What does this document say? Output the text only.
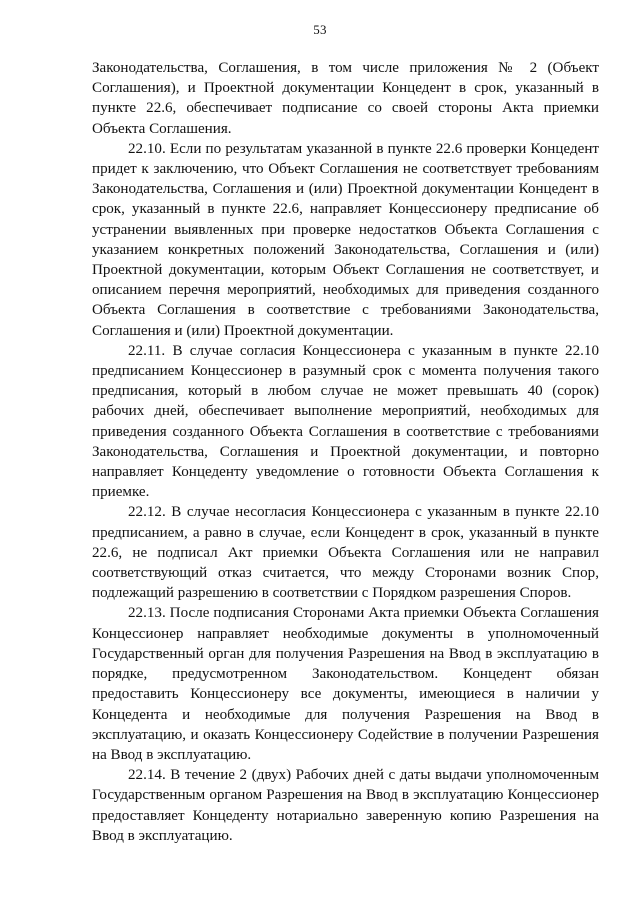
53

Законодательства, Соглашения, в том числе приложения № 2 (Объект Соглашения), и Проектной документации Концедент в срок, указанный в пункте 22.6, обеспечивает подписание со своей стороны Акта приемки Объекта Соглашения.

22.10. Если по результатам указанной в пункте 22.6 проверки Концедент придет к заключению, что Объект Соглашения не соответствует требованиям Законодательства, Соглашения и (или) Проектной документации Концедент в срок, указанный в пункте 22.6, направляет Концессионеру предписание об устранении выявленных при проверке недостатков Объекта Соглашения с указанием конкретных положений Законодательства, Соглашения и (или) Проектной документации, которым Объект Соглашения не соответствует, и описанием перечня мероприятий, необходимых для приведения созданного Объекта Соглашения в соответствие с требованиями Законодательства, Соглашения и (или) Проектной документации.

22.11. В случае согласия Концессионера с указанным в пункте 22.10 предписанием Концессионер в разумный срок с момента получения такого предписания, который в любом случае не может превышать 40 (сорок) рабочих дней, обеспечивает выполнение мероприятий, необходимых для приведения созданного Объекта Соглашения в соответствие с требованиями Законодательства, Соглашения и Проектной документации, и повторно направляет Концеденту уведомление о готовности Объекта Соглашения к приемке.

22.12. В случае несогласия Концессионера с указанным в пункте 22.10 предписанием, а равно в случае, если Концедент в срок, указанный в пункте 22.6, не подписал Акт приемки Объекта Соглашения или не направил соответствующий отказ считается, что между Сторонами возник Спор, подлежащий разрешению в соответствии с Порядком разрешения Споров.

22.13. После подписания Сторонами Акта приемки Объекта Соглашения Концессионер направляет необходимые документы в уполномоченный Государственный орган для получения Разрешения на Ввод в эксплуатацию в порядке, предусмотренном Законодательством. Концедент обязан предоставить Концессионеру все документы, имеющиеся в наличии у Концедента и необходимые для получения Разрешения на Ввод в эксплуатацию, и оказать Концессионеру Содействие в получении Разрешения на Ввод в эксплуатацию.

22.14. В течение 2 (двух) Рабочих дней с даты выдачи уполномоченным Государственным органом Разрешения на Ввод в эксплуатацию Концессионер предоставляет Концеденту нотариально заверенную копию Разрешения на Ввод в эксплуатацию.
